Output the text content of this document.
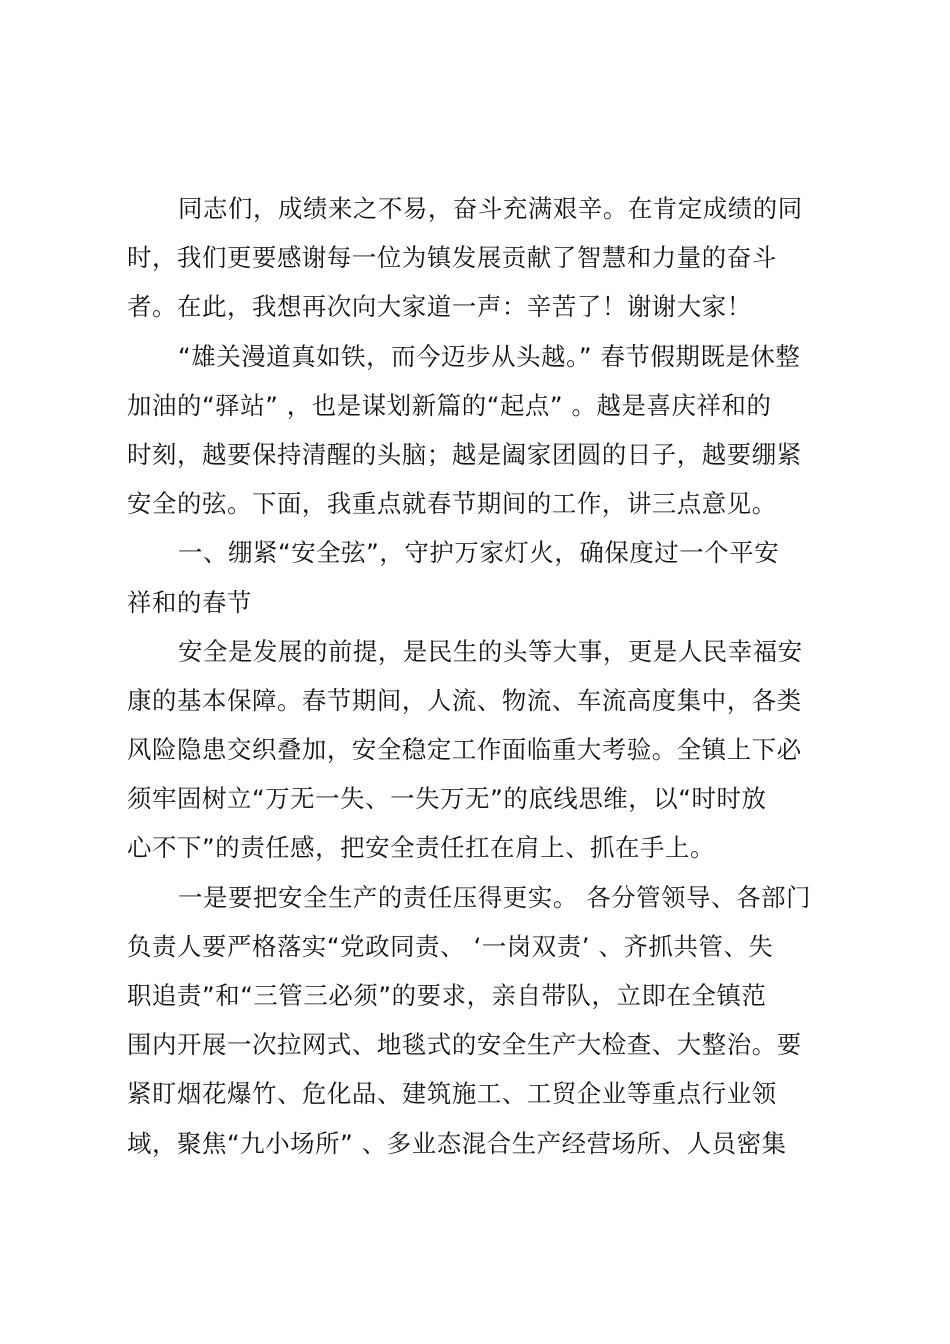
同志们，成绩来之不易，奋斗充满艰辛。在肯定成绩的同
时，我们更要感谢每一位为镇发展贡献了智慧和力量的奋斗
者。在此，我想再次向大家道一声：辛苦了！谢谢大家！
“雄关漫道真如铁，而今迈步从头越。” 春节假期既是休整
加油的“驿站” ，也是谋划新篇的“起点” 。越是喜庆祥和的
时刻，越要保持清醒的头脑；越是阖家团圆的日子，越要绷紧
安全的弦。下面，我重点就春节期间的工作，讲三点意见。
一、绷紧“安全弦”，守护万家灯火，确保度过一个平安
祥和的春节
安全是发展的前提，是民生的头等大事，更是人民幸福安
康的基本保障。春节期间，人流、物流、车流高度集中，各类
风险隐患交织叠加，安全稳定工作面临重大考验。全镇上下必
须牢固树立“万无一失、一失万无”的底线思维，以“时时放
心不下”的责任感，把安全责任扛在肩上、抓在手上。
一是要把安全生产的责任压得更实。 各分管领导、各部门
负责人要严格落实“党政同责、 ‘一岗双责’ 、齐抓共管、失
职追责”和“三管三必须”的要求，亲自带队，立即在全镇范
围内开展一次拉网式、地毯式的安全生产大检查、大整治。要
紧盯烟花爆竹、危化品、建筑施工、工贸企业等重点行业领
域，聚焦“九小场所” 、多业态混合生产经营场所、人员密集
